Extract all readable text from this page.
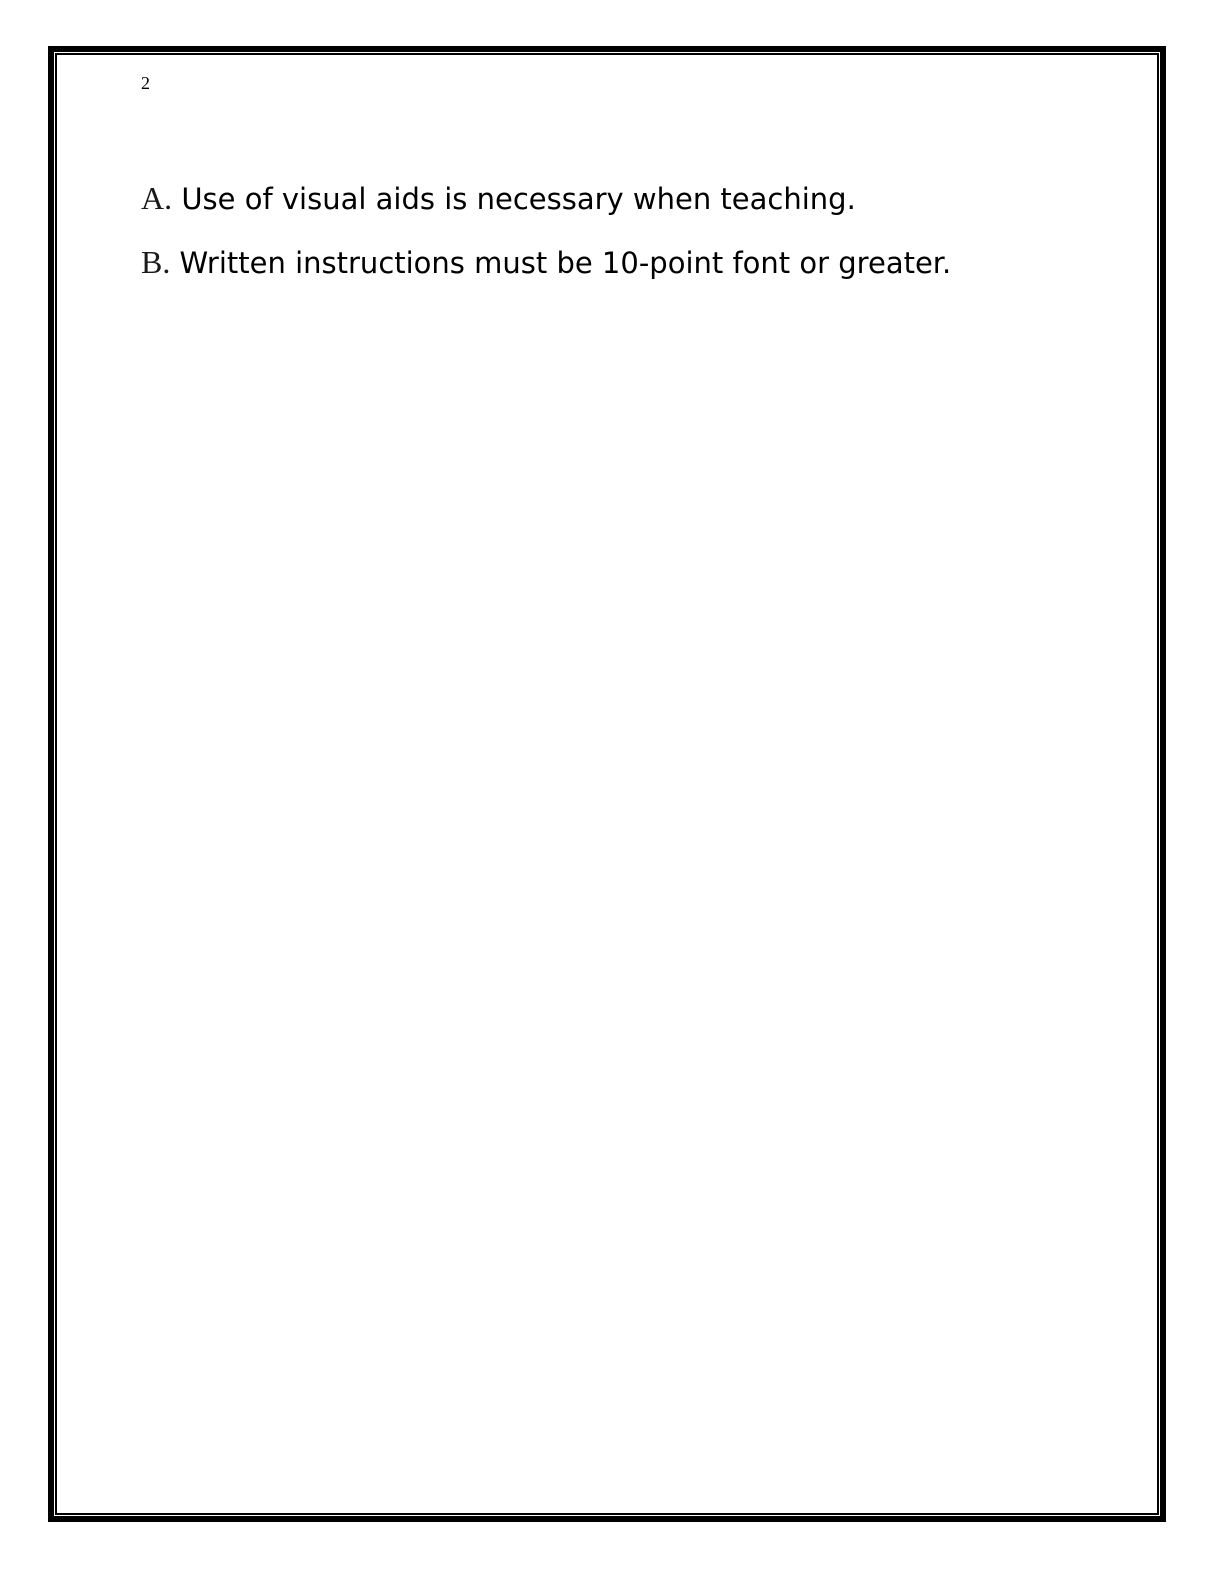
2
A. Use of visual aids is necessary when teaching.
B. Written instructions must be 10-point font or greater.
